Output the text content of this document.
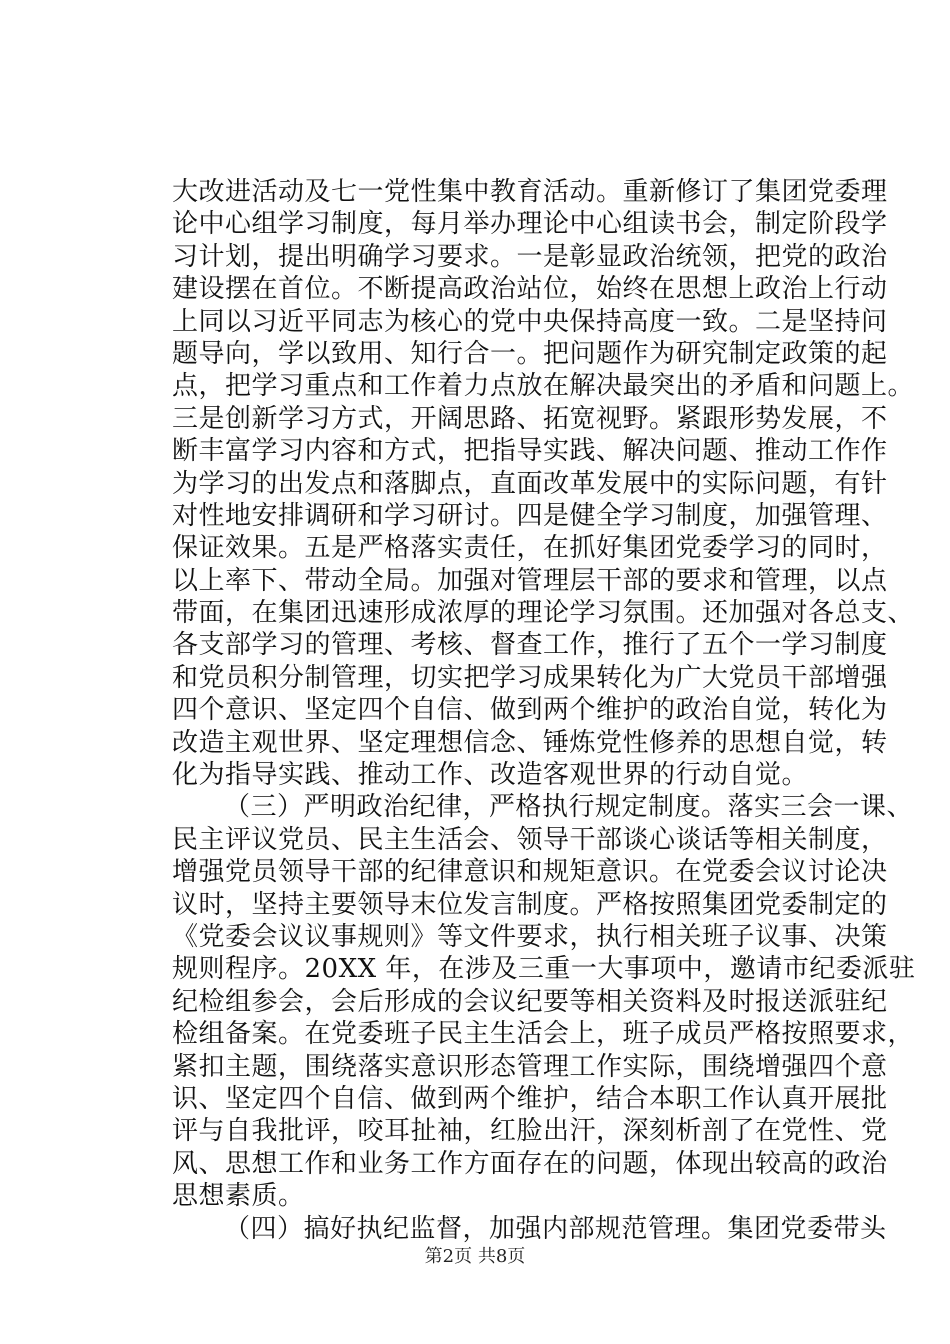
大改进活动及七一党性集中教育活动。重新修订了集团党委理
论中心组学习制度，每月举办理论中心组读书会，制定阶段学
习计划，提出明确学习要求。一是彰显政治统领，把党的政治
建设摆在首位。不断提高政治站位，始终在思想上政治上行动
上同以习近平同志为核心的党中央保持高度一致。二是坚持问
题导向，学以致用、知行合一。把问题作为研究制定政策的起
点，把学习重点和工作着力点放在解决最突出的矛盾和问题上。
三是创新学习方式，开阔思路、拓宽视野。紧跟形势发展，不
断丰富学习内容和方式，把指导实践、解决问题、推动工作作
为学习的出发点和落脚点，直面改革发展中的实际问题，有针
对性地安排调研和学习研讨。四是健全学习制度，加强管理、
保证效果。五是严格落实责任，在抓好集团党委学习的同时，
以上率下、带动全局。加强对管理层干部的要求和管理，以点
带面，在集团迅速形成浓厚的理论学习氛围。还加强对各总支、
各支部学习的管理、考核、督查工作，推行了五个一学习制度
和党员积分制管理，切实把学习成果转化为广大党员干部增强
四个意识、坚定四个自信、做到两个维护的政治自觉，转化为
改造主观世界、坚定理想信念、锤炼党性修养的思想自觉，转
化为指导实践、推动工作、改造客观世界的行动自觉。
（三）严明政治纪律，严格执行规定制度。落实三会一课、
民主评议党员、民主生活会、领导干部谈心谈话等相关制度，
增强党员领导干部的纪律意识和规矩意识。在党委会议讨论决
议时，坚持主要领导末位发言制度。严格按照集团党委制定的
《党委会议议事规则》等文件要求，执行相关班子议事、决策
规则程序。20XX 年，在涉及三重一大事项中，邀请市纪委派驻
纪检组参会，会后形成的会议纪要等相关资料及时报送派驻纪
检组备案。在党委班子民主生活会上，班子成员严格按照要求，
紧扣主题，围绕落实意识形态管理工作实际，围绕增强四个意
识、坚定四个自信、做到两个维护，结合本职工作认真开展批
评与自我批评，咬耳扯袖，红脸出汗，深刻析剖了在党性、党
风、思想工作和业务工作方面存在的问题，体现出较高的政治
思想素质。
（四）搞好执纪监督，加强内部规范管理。集团党委带头
第2页 共8页
